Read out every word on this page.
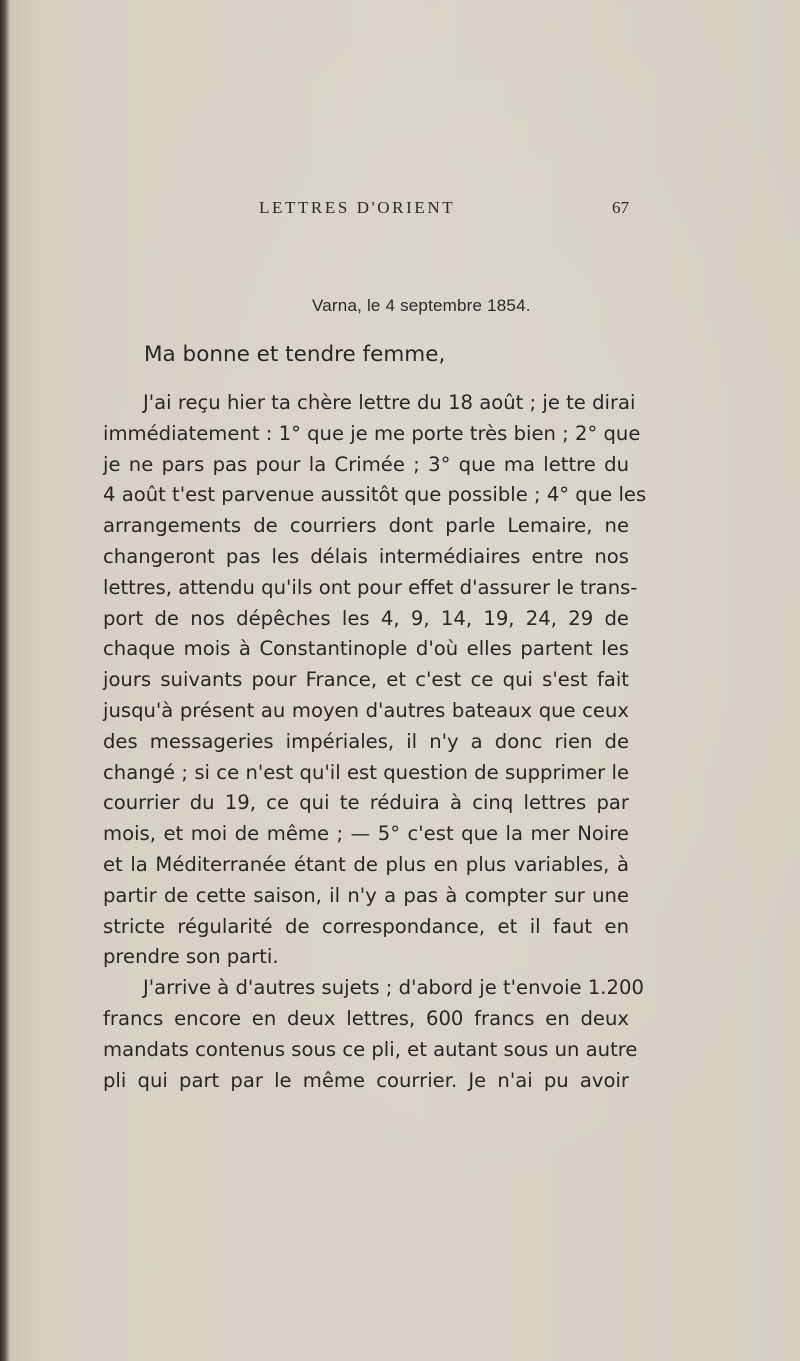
LETTRES D'ORIENT	67
Varna, le 4 septembre 1854.
Ma bonne et tendre femme,
J'ai reçu hier ta chère lettre du 18 août ; je te dirai
immédiatement : 1° que je me porte très bien ; 2° que
je ne pars pas pour la Crimée ; 3° que ma lettre du
4 août t'est parvenue aussitôt que possible ; 4° que les
arrangements de courriers dont parle Lemaire, ne
changeront pas les délais intermédiaires entre nos
lettres, attendu qu'ils ont pour effet d'assurer le trans-
port de nos dépêches les 4, 9, 14, 19, 24, 29 de
chaque mois à Constantinople d'où elles partent les
jours suivants pour France, et c'est ce qui s'est fait
jusqu'à présent au moyen d'autres bateaux que ceux
des messageries impériales, il n'y a donc rien de
changé ; si ce n'est qu'il est question de supprimer le
courrier du 19, ce qui te réduira à cinq lettres par
mois, et moi de même ; — 5° c'est que la mer Noire
et la Méditerranée étant de plus en plus variables, à
partir de cette saison, il n'y a pas à compter sur une
stricte régularité de correspondance, et il faut en
prendre son parti.
J'arrive à d'autres sujets ; d'abord je t'envoie 1.200
francs encore en deux lettres, 600 francs en deux
mandats contenus sous ce pli, et autant sous un autre
pli qui part par le même courrier. Je n'ai pu avoir
